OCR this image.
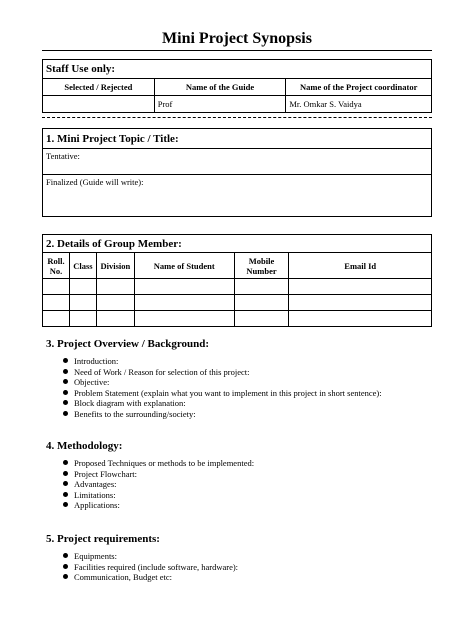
Mini Project Synopsis
Staff Use only:		
Selected / Rejected	Name of the Guide	Name of the Project coordinator
	Prof	Mr. Omkar S. Vaidya
1. Mini Project Topic / Title:
Tentative:
Finalized (Guide will write):
2. Details of Group Member:					
Roll. No.	Class	Division	Name of Student	Mobile Number	Email Id

3. Project Overview / Background:
Introduction:
Need of Work / Reason for selection of this project:
Objective:
Problem Statement (explain what you want to implement in this project in short sentence):
Block diagram with explanation:
Benefits to the surrounding/society:
4. Methodology:
Proposed Techniques or methods to be implemented:
Project Flowchart:
Advantages:
Limitations:
Applications:
5. Project requirements:
Equipments:
Facilities required (include software, hardware):
Communication, Budget etc:
